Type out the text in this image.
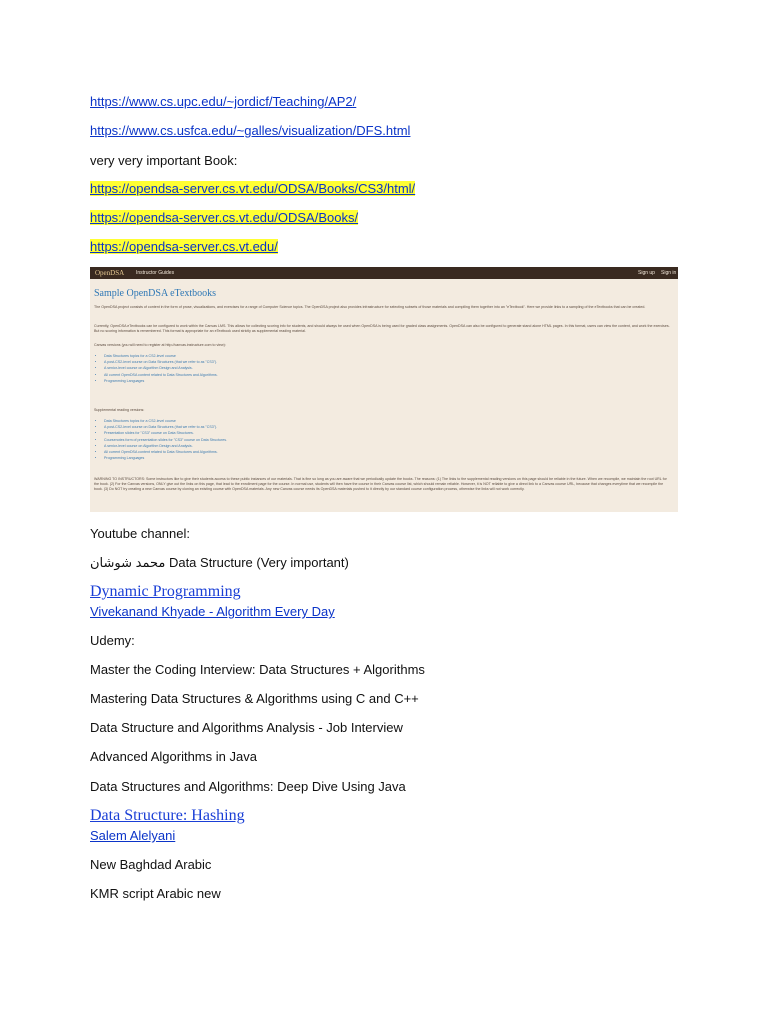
https://www.cs.upc.edu/~jordicf/Teaching/AP2/
https://www.cs.usfca.edu/~galles/visualization/DFS.html
very very important Book:
https://opendsa-server.cs.vt.edu/ODSA/Books/CS3/html/
https://opendsa-server.cs.vt.edu/ODSA/Books/
https://opendsa-server.cs.vt.edu/
OpenDSA Instructor Guides	Sign up Sign in
Sample OpenDSA eTextbooks
The OpenDSA project consists of content in the form of prose, visualizations, and exercises for a range of Computer Science topics. The OpenDSA project also provides infrastructure for selecting subsets of those materials and compiling them together into an "eTextbook". Here we provide links to a sampling of the eTextbooks that can be created.
Currently, OpenDSA eTextbooks can be configured to work within the Canvas LMS. This allows for collecting scoring info for students, and should always be used when OpenDSA is being used for graded class assignments. OpenDSA can also be configured to generate stand alone HTML pages. In this format, users can view the content, and work the exercises. But no scoring information is remembered. This format is appropriate for an eTextbook used strictly as supplemental reading material.
Canvas versions (you will need to register at http://canvas.instructure.com to view):
• Data Structures topics for a CS2-level course
• A post-CS2-level course on Data Structures (that we refer to as "CS3").
• A senior-level course on Algorithm Design and Analysis.
• All current OpenDSA content related to Data Structures and Algorithms.
• Programming Languages
Supplemental reading versions:
• Data Structures topics for a CS2-level course
• A post-CS2-level course on Data Structures (that we refer to as "CS3").
• Presentation slides for "CS3" course on Data Structures.
• Coursenotes form of presentation slides for "CS3" course on Data Structures.
• A senior-level course on Algorithm Design and Analysis.
• All current OpenDSA content related to Data Structures and Algorithms.
• Programming Languages
WARNING TO INSTRUCTORS: Some instructors like to give their students access to these public instances of our materials. That is fine so long as you are aware that we periodically update the books. The reasons: (1) The links to the supplemental reading versions on this page should be reliable in the future. When we recompile, we maintain the root URL for the book. (2) For the Canvas versions, ONLY give out the links on this page, that lead to the enrollment page for the course. In normal use, students will then have the course in their Canvas course list, which should remain reliable. However, it is NOT reliable to give a direct link to a Canvas course URL, because that changes everytime that we recompile the book. (3) Do NOT try creating a new Canvas course by cloning an existing course with OpenDSA materials. Any new Canvas course needs its OpenDSA materials pushed to it directly by our standard course configuration process, otherwise the links will not work correctly.
Youtube channel:
محمد شوشان Data Structure (Very important)
Dynamic Programming
Vivekanand Khyade - Algorithm Every Day
Udemy:
Master the Coding Interview: Data Structures + Algorithms
Mastering Data Structures & Algorithms using C and C++
Data Structure and Algorithms Analysis - Job Interview
Advanced Algorithms in Java
Data Structures and Algorithms: Deep Dive Using Java
Data Structure: Hashing
Salem Alelyani
New Baghdad Arabic
KMR script Arabic new
